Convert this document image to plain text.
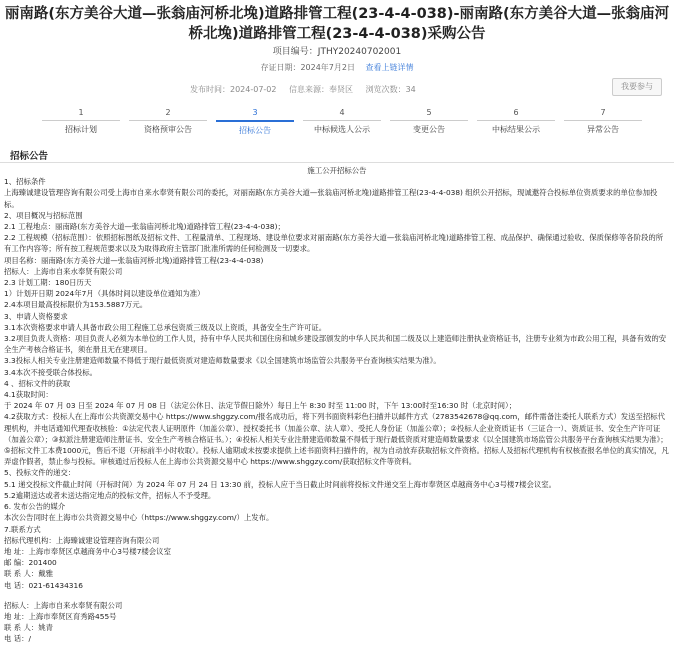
丽南路(东方美谷大道—张翁庙河桥北堍)道路排管工程(23-4-4-038)-丽南路(东方美谷大道—张翁庙河桥北堍)道路排管工程(23-4-4-038)采购公告
项目编号：JTHY20240702001
存证日期：2024年7月2日 查看上链详情
发布时间：2024-07-02 信息来源：奉贤区 浏览次数：34	我要参与
1
招标计划
2
资格预审公告
3
招标公告
4
中标候选人公示
5
变更公告
6
中标结果公示
7
异常公告
招标公告

施工公开招标公告

1、招标条件

上海臻诚建设管理咨询有限公司受上海市自来水奉贤有限公司的委托，对丽南路(东方美谷大道—张翁庙河桥北堍)道路排管工程(23-4-4-038) 组织公开招标，现诚邀符合投标单位资质要求的单位参加投标。

2、项目概况与招标范围

2.1 工程地点：丽南路(东方美谷大道—张翁庙河桥北堍)道路排管工程(23-4-4-038)；

2.2 工程规模（招标范围）：依照招标图纸及招标文件、工程量清单、工程现场、建设单位要求对丽南路(东方美谷大道—张翁庙河桥北堍)道路排管工程、成品保护、确保通过验收、保质保修等各阶段的所有工作内容等；所有按工程规范要求以及为取得政府主管部门批准所需的任何检测及一切要求。

项目名称：丽南路(东方美谷大道—张翁庙河桥北堍)道路排管工程(23-4-4-038)

招标人：上海市自来水奉贤有限公司

2.3 计划工期：180日历天

1）计划开日期 2024年7月（具体时间以建设单位通知为准）

2.4本项目最高投标限价为153.5887万元。

3、申请人资格要求

3.1本次资格要求申请人具备市政公用工程施工总承包资质三级及以上资质，具备安全生产许可证。

3.2项目负责人资格：项目负责人必须为本单位的工作人员，持有中华人民共和国住房和城乡建设部颁发的中华人民共和国二级及以上建造师注册执业资格证书，注册专业须为市政公用工程，具备有效的安全生产考核合格证书，须在册且无在建项目。

3.3投标人相关专业注册建造师数量不得低于现行最低资质对建造师数量要求《以全国建筑市场监管公共服务平台查询核实结果为准》。

3.4本次不接受联合体投标。

4 、招标文件的获取

4.1获取时间：

于 2024 年 07 月 03 日至 2024 年 07 月 08 日（法定公休日、法定节假日除外）每日上午 8:30 时至 11:00 时，下午 13:00时至16:30 时（北京时间）；

4.2获取方式：投标人在上海市公共资源交易中心 https://www.shggzy.com/报名成功后，将下列书面资料彩色扫描并以邮件方式（2783542678@qq.com，邮件需备注委托人联系方式）发送至招标代理机构，并电话通知代理查收核验：①法定代表人证明原件（加盖公章）、授权委托书（加盖公章、法人章）、受托人身份证（加盖公章）；②投标人企业资质证书（三证合一）、资质证书、安全生产许可证（加盖公章）；③拟派注册建造师注册证书、安全生产考核合格证书。）；④投标人相关专业注册建造师数量不得低于现行最低资质对建造师数量要求《以全国建筑市场监管公共服务平台查询核实结果为准》；⑤招标文件工本费1000元，售后不退（开标前半小时收取）。投标人逾期或未按要求提供上述书面资料扫描件的，视为自动放弃获取招标文件资格。招标人及招标代理机构有权核查报名单位的真实情况，凡弄虚作假者，禁止参与投标。审核通过后投标人在上海市公共资源交易中心 https://www.shggzy.com/获取招标文件等资料。

5、投标文件的递交：

5.1 递交投标文件截止时间（开标时间）为 2024 年 07 月 24 日 13:30 前，投标人应于当日截止时间前将投标文件递交至上海市奉贤区卓越商务中心3号楼7楼会议室。

5.2逾期送达或者未送达指定地点的投标文件，招标人不予受理。

6. 发布公告的媒介

本次公告同时在上海市公共资源交易中心（https://www.shggzy.com/）上发布。

7.联系方式

招标代理机构：上海臻诚建设管理咨询有限公司

地 址：上海市奉贤区卓越商务中心3号楼7楼会议室

邮 编：201400

联 系 人：戴雅

电 话：021-61434316

招标人：上海市自来水奉贤有限公司

地 址：上海市奉贤区育秀路455号

联 系 人：姚青

电 话：/
